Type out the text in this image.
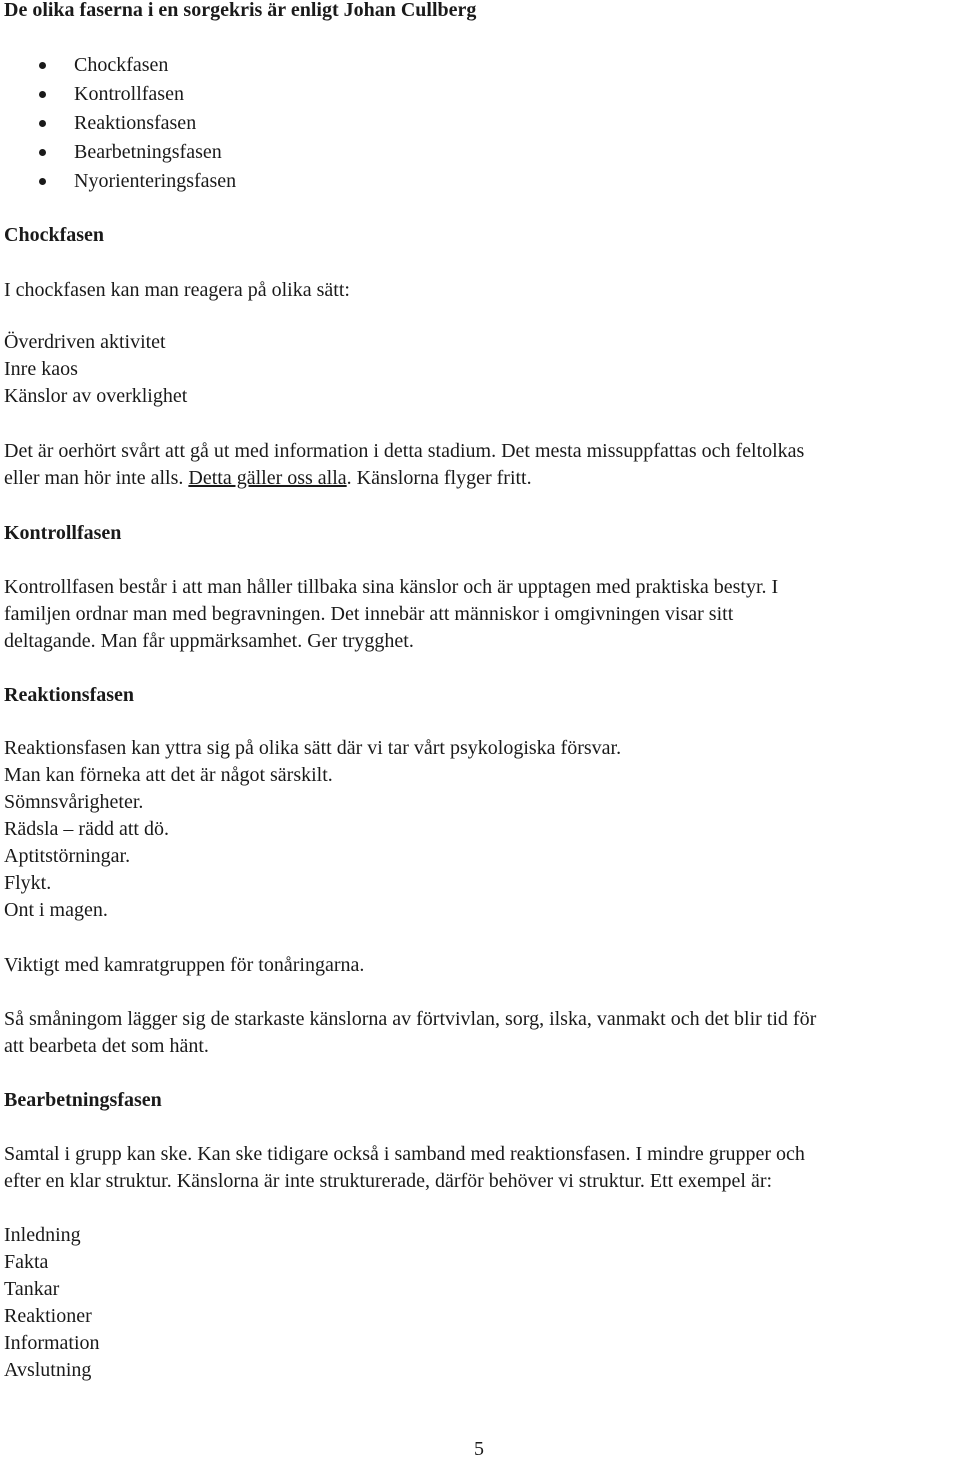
De olika faserna i en sorgekris är enligt Johan Cullberg
Chockfasen
Kontrollfasen
Reaktionsfasen
Bearbetningsfasen
Nyorienteringsfasen
Chockfasen
I chockfasen kan man reagera på olika sätt:
Överdriven aktivitet
Inre kaos
Känslor av overklighet
Det är oerhört svårt att gå ut med information i detta stadium. Det mesta missuppfattas och feltolkas
eller man hör inte alls. Detta gäller oss alla. Känslorna flyger fritt.
Kontrollfasen
Kontrollfasen består i att man håller tillbaka sina känslor och är upptagen med praktiska bestyr. I
familjen ordnar man med begravningen. Det innebär att människor i omgivningen visar sitt
deltagande. Man får uppmärksamhet. Ger trygghet.
Reaktionsfasen
Reaktionsfasen kan yttra sig på olika sätt där vi tar vårt psykologiska försvar.
Man kan förneka att det är något särskilt.
Sömnsvårigheter.
Rädsla – rädd att dö.
Aptitstörningar.
Flykt.
Ont i magen.
Viktigt med kamratgruppen för tonåringarna.
Så småningom lägger sig de starkaste känslorna av förtvivlan, sorg, ilska, vanmakt och det blir tid för
att bearbeta det som hänt.
Bearbetningsfasen
Samtal i grupp kan ske. Kan ske tidigare också i samband med reaktionsfasen. I mindre grupper och
efter en klar struktur. Känslorna är inte strukturerade, därför behöver vi struktur. Ett exempel är:
Inledning
Fakta
Tankar
Reaktioner
Information
Avslutning
5
